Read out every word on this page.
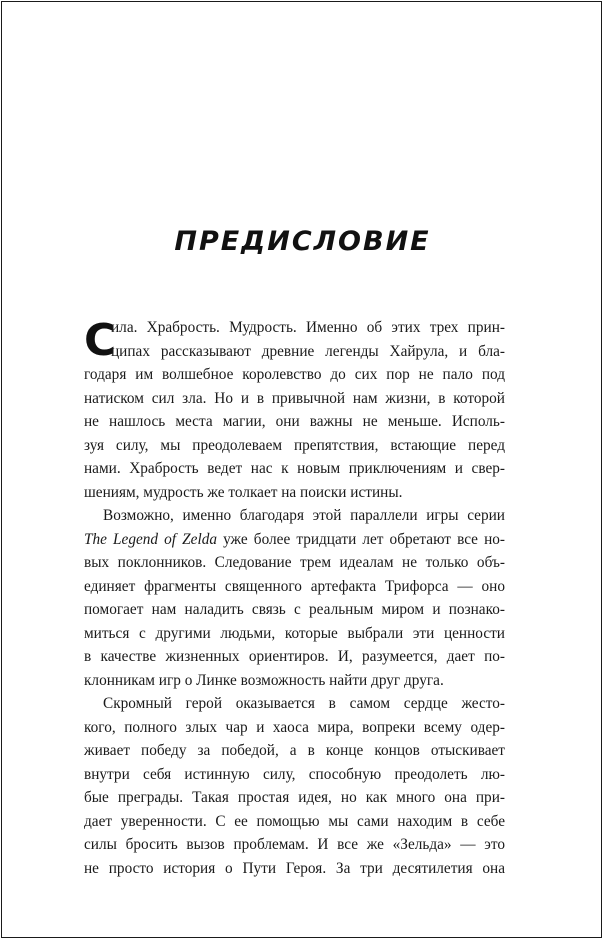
ПРЕДИСЛОВИЕ
С
ила. Храбрость. Мудрость. Именно об этих трех прин-
ципах рассказывают древние легенды Хайрула, и бла-
годаря им волшебное королевство до сих пор не пало под
натиском сил зла. Но и в привычной нам жизни, в которой
не нашлось места магии, они важны не меньше. Исполь-
зуя силу, мы преодолеваем препятствия, встающие перед
нами. Храбрость ведет нас к новым приключениям и свер-
шениям, мудрость же толкает на поиски истины.
Возможно, именно благодаря этой параллели игры серии
The Legend of Zelda уже более тридцати лет обретают все но-
вых поклонников. Следование трем идеалам не только объ-
единяет фрагменты священного артефакта Трифорса — оно
помогает нам наладить связь с реальным миром и познако-
миться с другими людьми, которые выбрали эти ценности
в качестве жизненных ориентиров. И, разумеется, дает по-
клонникам игр о Линке возможность найти друг друга.
Скромный герой оказывается в самом сердце жесто-
кого, полного злых чар и хаоса мира, вопреки всему одер-
живает победу за победой, а в конце концов отыскивает
внутри себя истинную силу, способную преодолеть лю-
бые преграды. Такая простая идея, но как много она при-
дает уверенности. С ее помощью мы сами находим в себе
силы бросить вызов проблемам. И все же «Зельда» — это
не просто история о Пути Героя. За три десятилетия она
